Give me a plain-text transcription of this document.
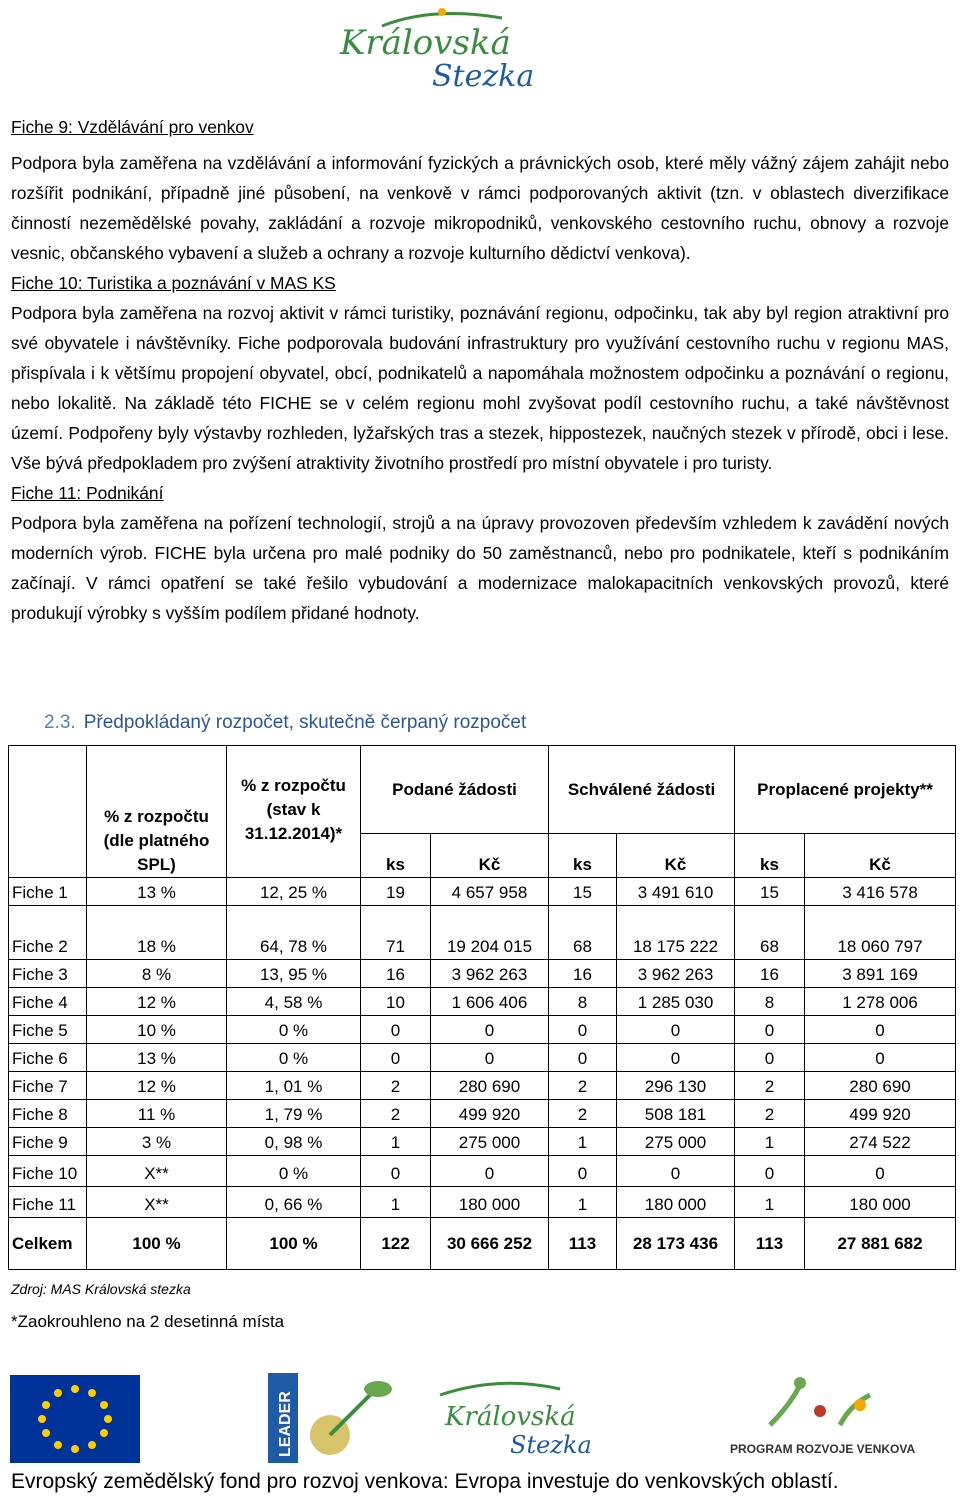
Královská
Stezka
Fiche 9: Vzdělávání pro venkov
Podpora byla zaměřena na vzdělávání a informování fyzických a právnických osob, které měly vážný zájem zahájit nebo rozšířit podnikání, případně jiné působení, na venkově v rámci podporovaných aktivit (tzn. v oblastech diverzifikace činností nezemědělské povahy, zakládání a rozvoje mikropodniků, venkovského cestovního ruchu, obnovy a rozvoje vesnic, občanského vybavení a služeb a ochrany a rozvoje kulturního dědictví venkova).
Fiche 10: Turistika a poznávání v MAS KS
Podpora byla zaměřena na rozvoj aktivit v rámci turistiky, poznávání regionu, odpočinku, tak aby byl region atraktivní pro své obyvatele i návštěvníky. Fiche podporovala budování infrastruktury pro využívání cestovního ruchu v regionu MAS, přispívala i k většímu propojení obyvatel, obcí, podnikatelů a napomáhala možnostem odpočinku a poznávání o regionu, nebo lokalitě. Na základě této FICHE se v celém regionu mohl zvyšovat podíl cestovního ruchu, a také návštěvnost území. Podpořeny byly výstavby rozhleden, lyžařských tras a stezek, hippostezek, naučných stezek v přírodě, obci i lese. Vše bývá předpokladem pro zvýšení atraktivity životního prostředí pro místní obyvatele i pro turisty.
Fiche 11: Podnikání
Podpora byla zaměřena na pořízení technologií, strojů a na úpravy provozoven především vzhledem k zavádění nových moderních výrob. FICHE byla určena pro malé podniky do 50 zaměstnanců, nebo pro podnikatele, kteří s podnikáním začínají. V rámci opatření se také řešilo vybudování a modernizace malokapacitních venkovských provozů, které produkují výrobky s vyšším podílem přidané hodnoty.
2.3. Předpokládaný rozpočet, skutečně čerpaný rozpočet
	% z rozpočtu (dle platného SPL)	% z rozpočtu (stav k 31.12.2014)*	Podané žádosti		Schválené žádosti		Proplacené projekty**	
			ks	Kč	ks	Kč	ks	Kč
Fiche 1	13 %	12, 25 %	19	4 657 958	15	3 491 610	15	3 416 578
Fiche 2	18 %	64, 78 %	71	19 204 015	68	18 175 222	68	18 060 797
Fiche 3	8 %	13, 95 %	16	3 962 263	16	3 962 263	16	3 891 169
Fiche 4	12 %	4, 58 %	10	1 606 406	8	1 285 030	8	1 278 006
Fiche 5	10 %	0 %	0	0	0	0	0	0
Fiche 6	13 %	0 %	0	0	0	0	0	0
Fiche 7	12 %	1, 01 %	2	280 690	2	296 130	2	280 690
Fiche 8	11 %	1, 79 %	2	499 920	2	508 181	2	499 920
Fiche 9	3 %	0, 98 %	1	275 000	1	275 000	1	274 522
Fiche 10	X**	0 %	0	0	0	0	0	0
Fiche 11	X**	0, 66 %	1	180 000	1	180 000	1	180 000
Celkem	100 %	100 %	122	30 666 252	113	28 173 436	113	27 881 682
Zdroj: MAS Královská stezka
*Zaokrouhleno na 2 desetinná místa
LEADER	Královská
Stezka	PROGRAM ROZVOJE VENKOVA
Evropský zemědělský fond pro rozvoj venkova: Evropa investuje do venkovských oblastí.
